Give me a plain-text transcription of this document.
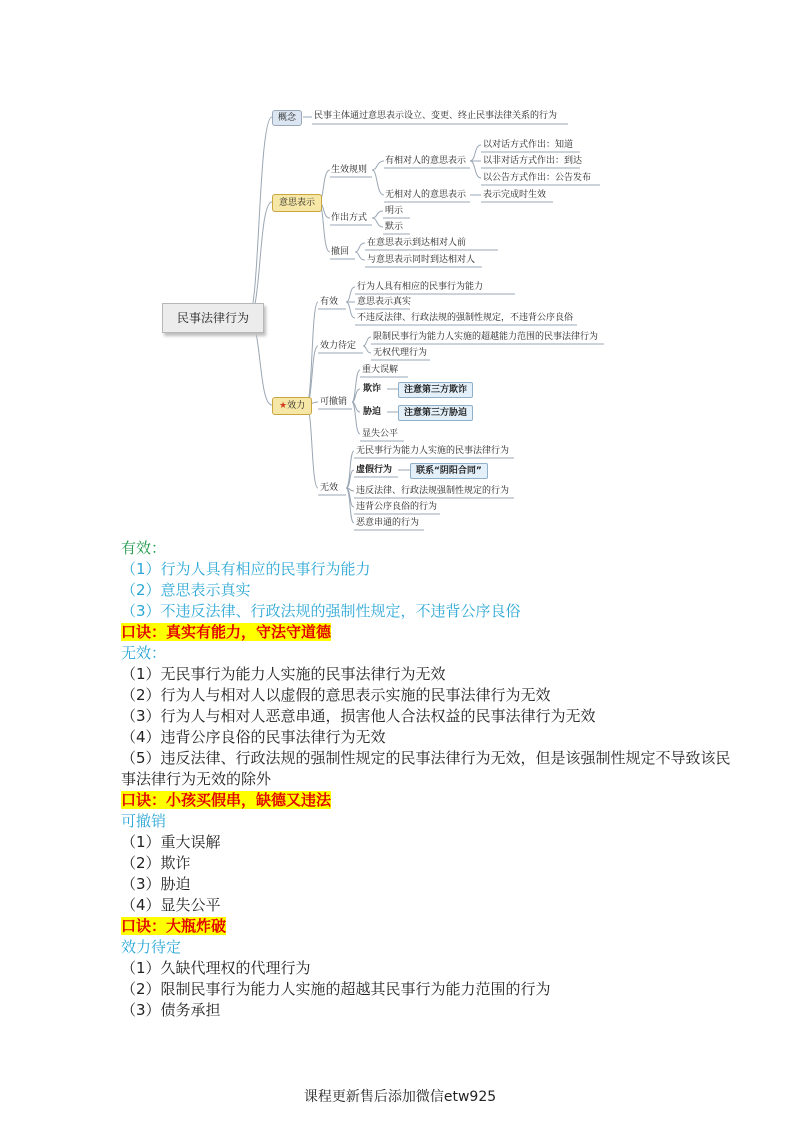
民事法律行为
概念	民事主体通过意思表示设立、变更、终止民事法律关系的行为
意思表示
生效规则
有相对人的意思表示
以对话方式作出：知道
以非对话方式作出：到达
以公告方式作出：公告发布
无相对人的意思表示 表示完成时生效
作出方式
明示
默示
撤回
在意思表示到达相对人前
与意思表示同时到达相对人
★效力
有效
行为人具有相应的民事行为能力
意思表示真实
不违反法律、行政法规的强制性规定，不违背公序良俗
效力待定
限制民事行为能力人实施的超越能力范围的民事法律行为
无权代理行为
可撤销
重大误解
欺诈	注意第三方欺诈
胁迫	注意第三方胁迫
显失公平
无效
无民事行为能力人实施的民事法律行为
虚假行为	联系“阴阳合同”
违反法律、行政法规强制性规定的行为
违背公序良俗的行为
恶意串通的行为
有效：
（1）行为人具有相应的民事行为能力
（2）意思表示真实
（3）不违反法律、行政法规的强制性规定，不违背公序良俗
口诀：真实有能力，守法守道德
无效：
（1）无民事行为能力人实施的民事法律行为无效
（2）行为人与相对人以虚假的意思表示实施的民事法律行为无效
（3）行为人与相对人恶意串通，损害他人合法权益的民事法律行为无效
（4）违背公序良俗的民事法律行为无效
（5）违反法律、行政法规的强制性规定的民事法律行为无效，但是该强制性规定不导致该民事法律行为无效的除外
口诀：小孩买假串，缺德又违法
可撤销
（1）重大误解
（2）欺诈
（3）胁迫
（4）显失公平
口诀：大瓶炸破
效力待定
（1）久缺代理权的代理行为
（2）限制民事行为能力人实施的超越其民事行为能力范围的行为
（3）债务承担
课程更新售后添加微信etw925
